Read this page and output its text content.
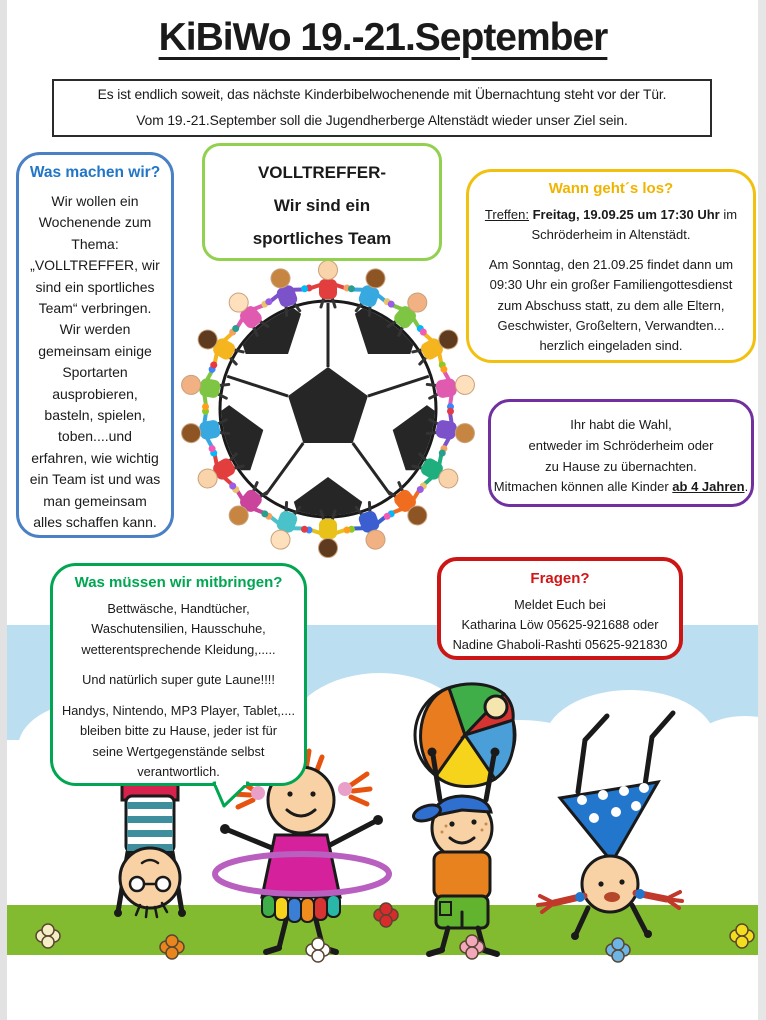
KiBiWo 19.-21.September
Es ist endlich soweit, das nächste Kinderbibelwochenende mit Übernachtung steht vor der Tür.
Vom 19.-21.September soll die Jugendherberge Altenstädt wieder unser Ziel sein.
Was machen wir?
Wir wollen ein
Wochenende zum
Thema:
„VOLLTREFFER, wir
sind ein sportliches
Team“ verbringen.
Wir werden
gemeinsam einige
Sportarten
ausprobieren,
basteln, spielen,
toben....und
erfahren, wie wichtig
ein Team ist und was
man gemeinsam
alles schaffen kann.
VOLLTREFFER-
Wir sind ein
sportliches Team
Wann geht´s los?
Treffen: Freitag, 19.09.25 um 17:30 Uhr im
Schröderheim in Altenstädt.
Am Sonntag, den 21.09.25 findet dann um
09:30 Uhr ein großer Familiengottesdienst
zum Abschuss statt, zu dem alle Eltern,
Geschwister, Großeltern, Verwandten...
herzlich eingeladen sind.
Ihr habt die Wahl,
entweder im Schröderheim oder
zu Hause zu übernachten.
Mitmachen können alle Kinder ab 4 Jahren.
Was müssen wir mitbringen?
Bettwäsche, Handtücher,
Waschutensilien, Hausschuhe,
wetterentsprechende Kleidung,.....
Und natürlich super gute Laune!!!!
Handys, Nintendo, MP3 Player, Tablet,....
bleiben bitte zu Hause, jeder ist für
seine Wertgegenstände selbst
verantwortlich.
Fragen?
Meldet Euch bei
Katharina Löw 05625-921688 oder
Nadine Ghaboli-Rashti 05625-921830
